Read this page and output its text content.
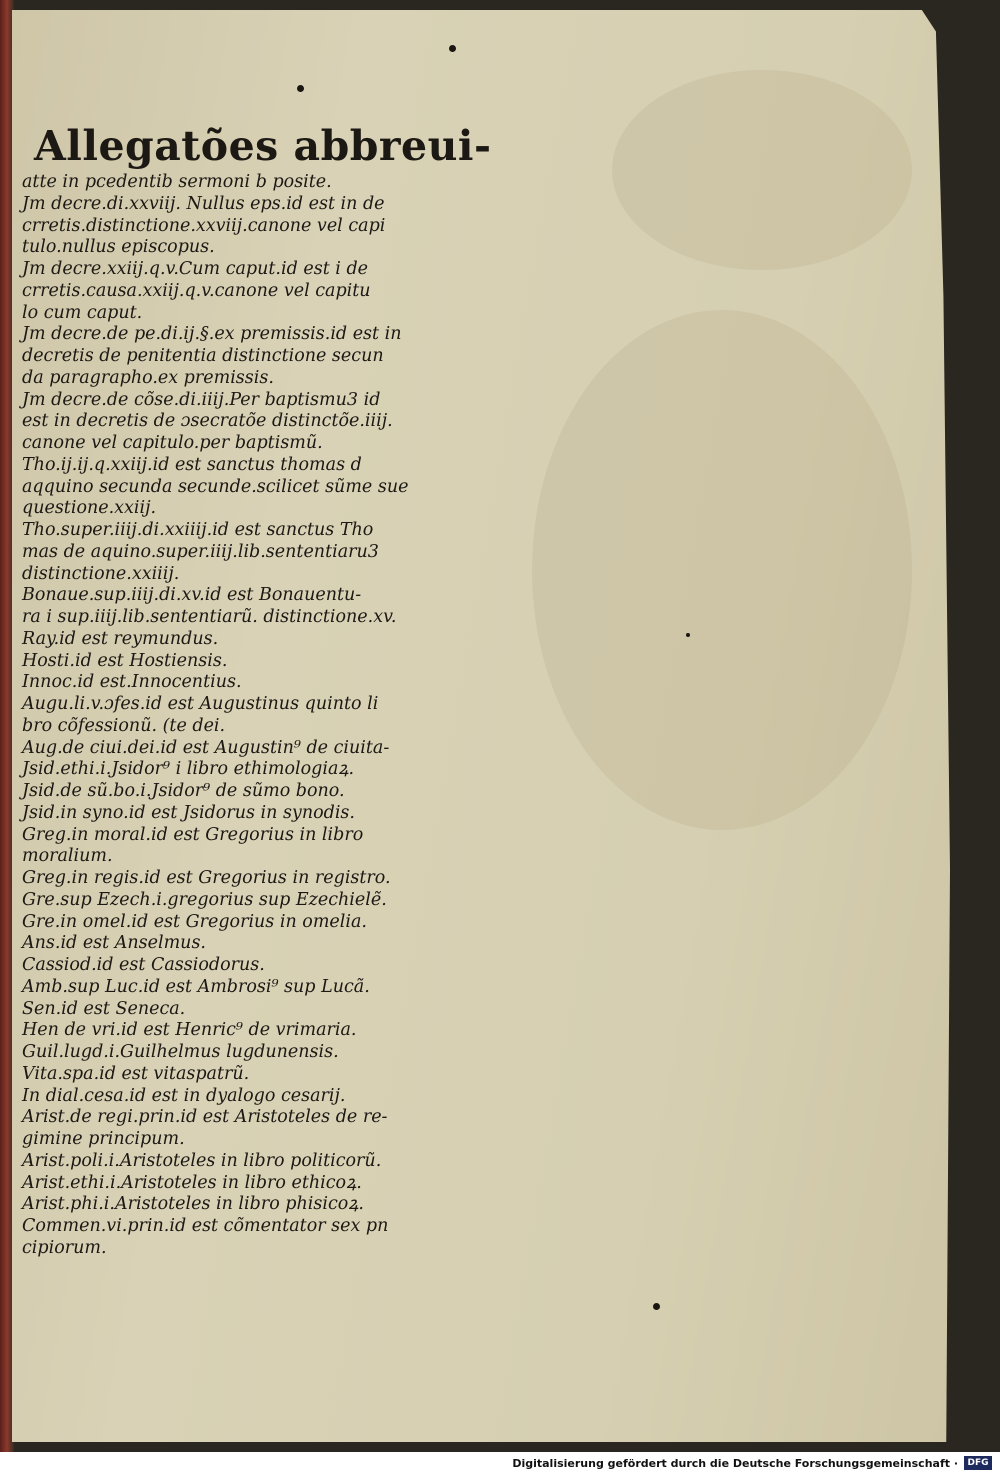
Allegatões abbreui-
atte in pcedentib sermoni b posite.
Jm decre.di.xxviij. Nullus eps.id est in de
crretis.distinctione.xxviij.canone vel capi
tulo.nullus episcopus.
Jm decre.xxiij.q.v.Cum caput.id est i de
crretis.causa.xxiij.q.v.canone vel capitu
lo cum caput.
Jm decre.de pe.di.ij.§.ex premissis.id est in
decretis de penitentia distinctione secun
da paragrapho.ex premissis.
Jm decre.de cõse.di.iiij.Per baptismu3 id
est in decretis de ɔsecratõe distinctõe.iiij.
canone vel capitulo.per baptismũ.
Tho.ij.ij.q.xxiij.id est sanctus thomas d
aqquino secunda secunde.scilicet sũme sue
questione.xxiij.
Tho.super.iiij.di.xxiiij.id est sanctus Tho
mas de aquino.super.iiij.lib.sententiaru3
distinctione.xxiiij.
Bonaue.sup.iiij.di.xv.id est Bonauentu-
ra i sup.iiij.lib.sententiarũ. distinctione.xv.
Ray.id est reymundus.
Hosti.id est Hostiensis.
Innoc.id est.Innocentius.
Augu.li.v.ɔfes.id est Augustinus quinto li
bro cõfessionũ. (te dei.
Aug.de ciui.dei.id est Augustin⁹ de ciuita-
Jsid.ethi.i.Jsidor⁹ i libro ethimologiaꝝ.
Jsid.de sũ.bo.i.Jsidor⁹ de sũmo bono.
Jsid.in syno.id est Jsidorus in synodis.
Greg.in moral.id est Gregorius in libro
moralium.
Greg.in regis.id est Gregorius in registro.
Gre.sup Ezech.i.gregorius sup Ezechielẽ.
Gre.in omel.id est Gregorius in omelia.
Ans.id est Anselmus.
Cassiod.id est Cassiodorus.
Amb.sup Luc.id est Ambrosi⁹ sup Lucã.
Sen.id est Seneca.
Hen de vri.id est Henric⁹ de vrimaria.
Guil.lugd.i.Guilhelmus lugdunensis.
Vita.spa.id est vitaspatrũ.
In dial.cesa.id est in dyalogo cesarij.
Arist.de regi.prin.id est Aristoteles de re-
gimine principum.
Arist.poli.i.Aristoteles in libro politicorũ.
Arist.ethi.i.Aristoteles in libro ethicoꝝ.
Arist.phi.i.Aristoteles in libro phisicoꝝ.
Commen.vi.prin.id est cõmentator sex pn
cipiorum.
Digitalisierung gefördert durch die Deutsche Forschungsgemeinschaft ·	DFG
